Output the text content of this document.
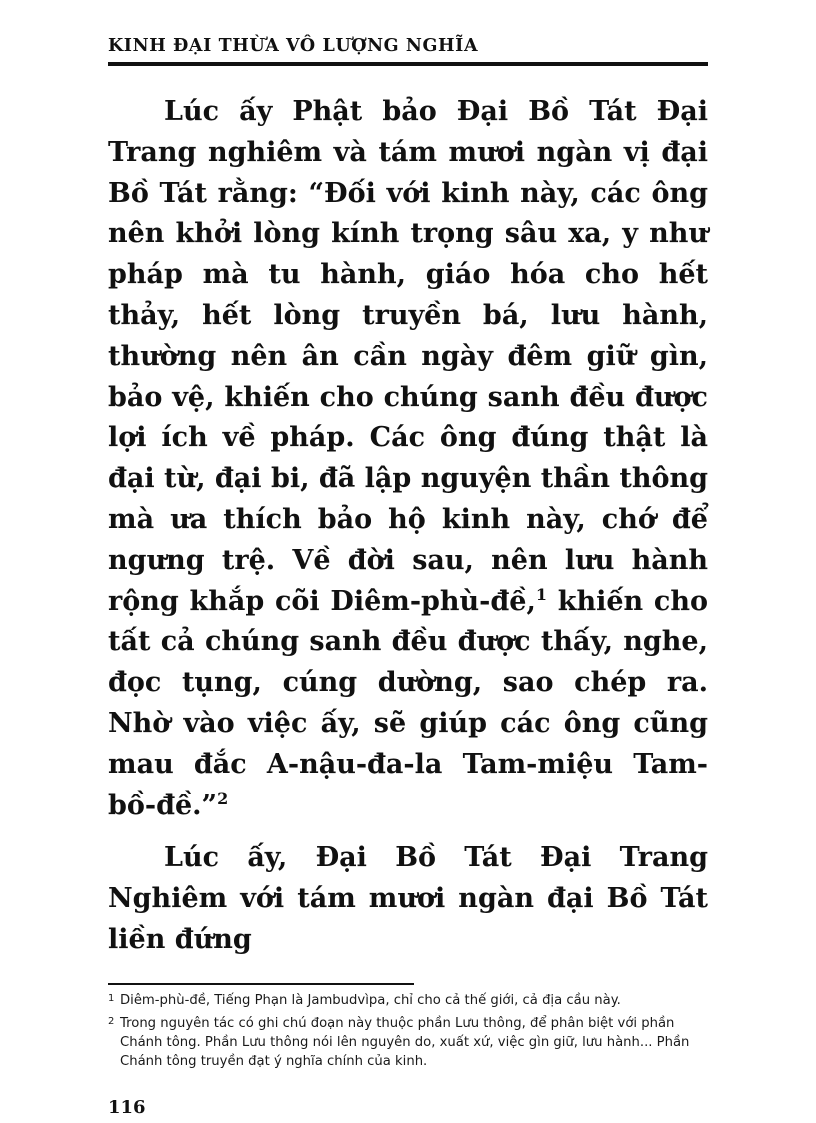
KINH ĐẠI THỪA VÔ LƯỢNG NGHĨA

Lúc ấy Phật bảo Đại Bồ Tát Đại Trang nghiêm và tám mươi ngàn vị đại Bồ Tát rằng: “Đối với kinh này, các ông nên khởi lòng kính trọng sâu xa, y như pháp mà tu hành, giáo hóa cho hết thảy, hết lòng truyền bá, lưu hành, thường nên ân cần ngày đêm giữ gìn, bảo vệ, khiến cho chúng sanh đều được lợi ích về pháp. Các ông đúng thật là đại từ, đại bi, đã lập nguyện thần thông mà ưa thích bảo hộ kinh này, chớ để ngưng trệ. Về đời sau, nên lưu hành rộng khắp cõi Diêm-phù-đề,$^1$ khiến cho tất cả chúng sanh đều được thấy, nghe, đọc tụng, cúng dường, sao chép ra. Nhờ vào việc ấy, sẽ giúp các ông cũng mau đắc A-nậu-đa-la Tam-miệu Tam-bồ-đề.”$^2$

Lúc ấy, Đại Bồ Tát Đại Trang Nghiêm với tám mươi ngàn đại Bồ Tát liền đứng

1 Diêm-phù-đề, Tiếng Phạn là Jambudvìpa, chỉ cho cả thế giới, cả địa cầu này.
2 Trong nguyên tác có ghi chú đoạn này thuộc phần Lưu thông, để phân biệt với phần Chánh tông. Phần Lưu thông nói lên nguyên do, xuất xứ, việc gìn giữ, lưu hành... Phần Chánh tông truyền đạt ý nghĩa chính của kinh.
116
